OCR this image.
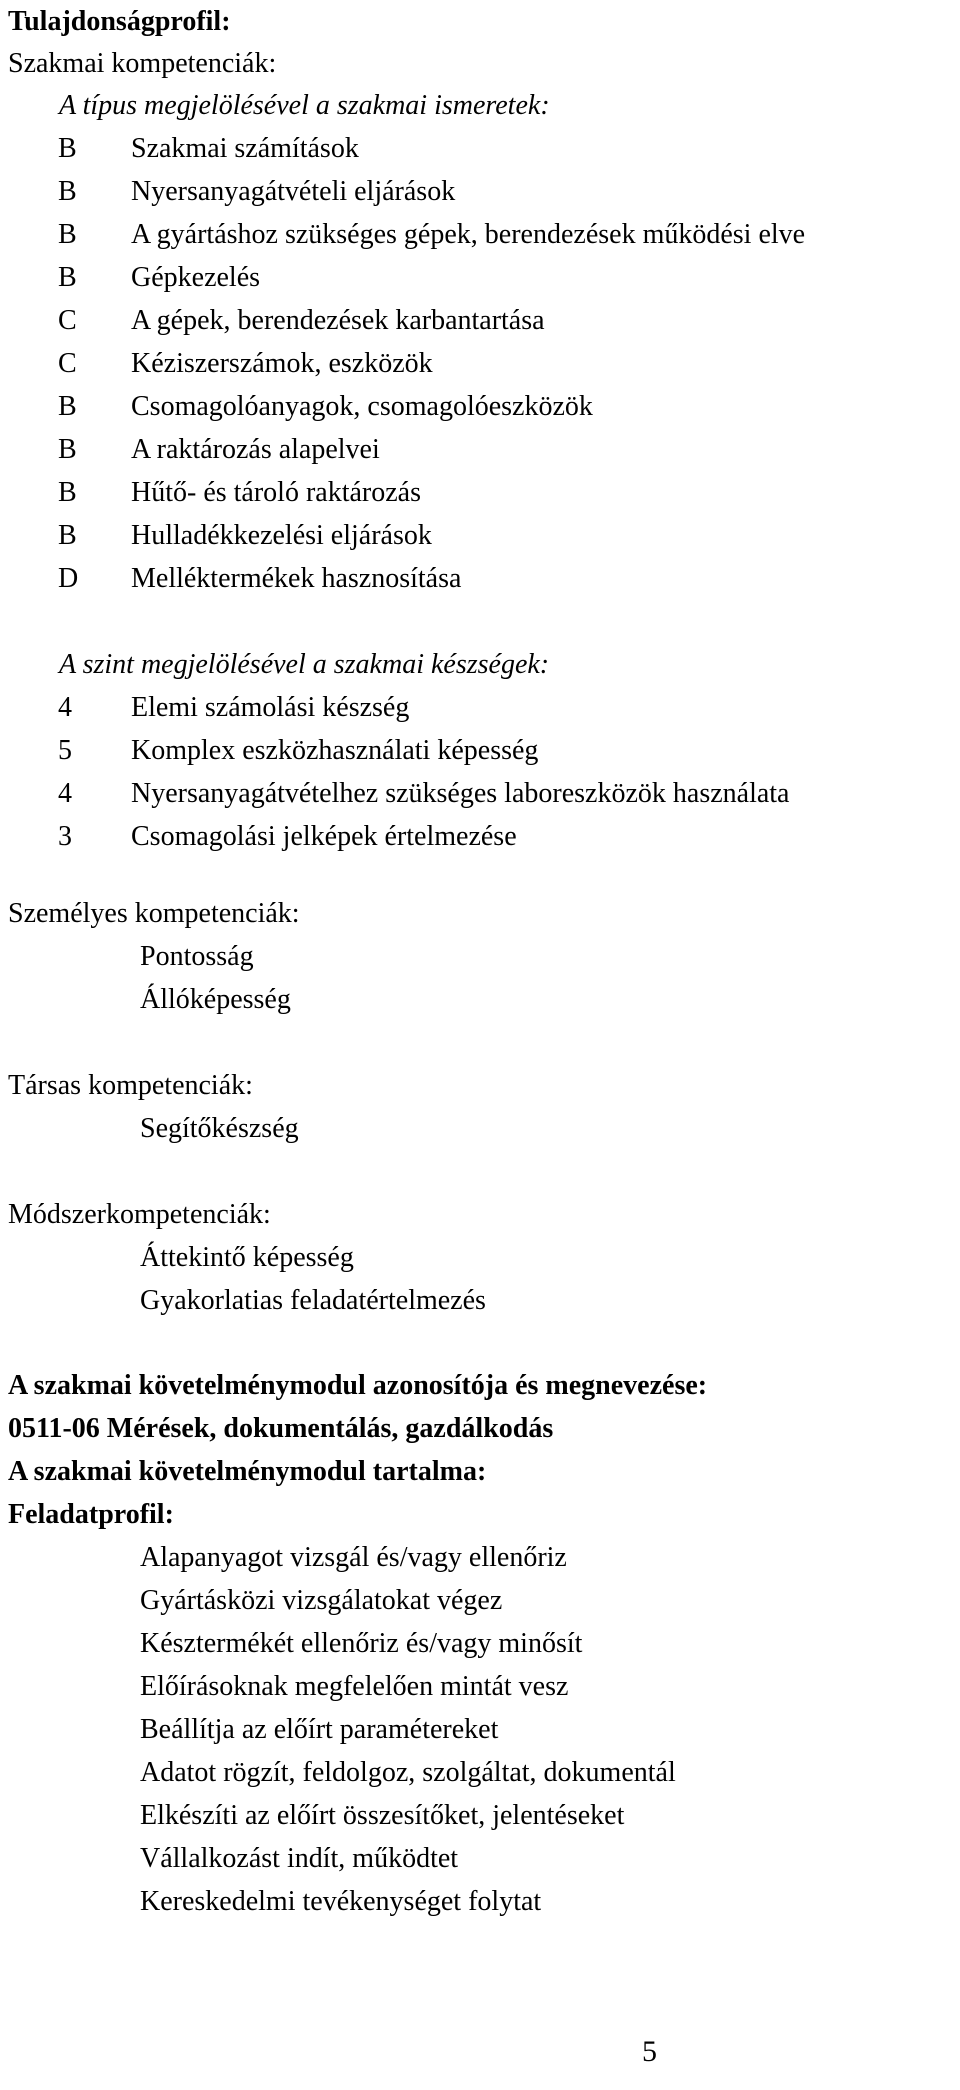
Tulajdonságprofil:
Szakmai kompetenciák:
A típus megjelölésével a szakmai ismeretek:
B Szakmai számítások
B Nyersanyagátvételi eljárások
B A gyártáshoz szükséges gépek, berendezések működési elve
B Gépkezelés
C A gépek, berendezések karbantartása
C Kéziszerszámok, eszközök
B Csomagolóanyagok, csomagolóeszközök
B A raktározás alapelvei
B Hűtő- és tároló raktározás
B Hulladékkezelési eljárások
D Melléktermékek hasznosítása
A szint megjelölésével a szakmai készségek:
4 Elemi számolási készség
5 Komplex eszközhasználati képesség
4 Nyersanyagátvételhez szükséges laboreszközök használata
3 Csomagolási jelképek értelmezése
Személyes kompetenciák:
Pontosság
Állóképesség
Társas kompetenciák:
Segítőkészség
Módszerkompetenciák:
Áttekintő képesség
Gyakorlatias feladatértelmezés
A szakmai követelménymodul azonosítója és megnevezése:
0511-06 Mérések, dokumentálás, gazdálkodás
A szakmai követelménymodul tartalma:
Feladatprofil:
Alapanyagot vizsgál és/vagy ellenőriz
Gyártásközi vizsgálatokat végez
Késztermékét ellenőriz és/vagy minősít
Előírásoknak megfelelően mintát vesz
Beállítja az előírt paramétereket
Adatot rögzít, feldolgoz, szolgáltat, dokumentál
Elkészíti az előírt összesítőket, jelentéseket
Vállalkozást indít, működtet
Kereskedelmi tevékenységet folytat
5
